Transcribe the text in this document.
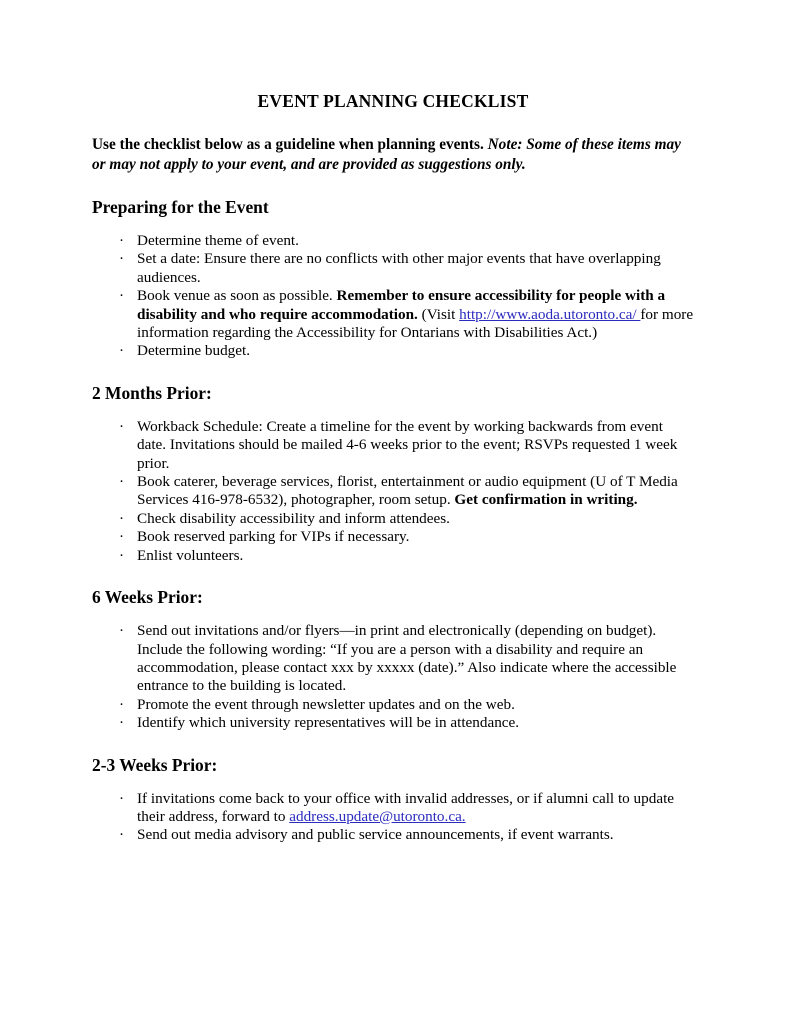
EVENT PLANNING CHECKLIST

Use the checklist below as a guideline when planning events. Note: Some of these items may or may not apply to your event, and are provided as suggestions only.

Preparing for the Event
· Determine theme of event.
· Set a date: Ensure there are no conflicts with other major events that have overlapping audiences.
· Book venue as soon as possible. Remember to ensure accessibility for people with a disability and who require accommodation. (Visit http://www.aoda.utoronto.ca/ for more information regarding the Accessibility for Ontarians with Disabilities Act.)
· Determine budget.
2 Months Prior:
· Workback Schedule: Create a timeline for the event by working backwards from event date. Invitations should be mailed 4-6 weeks prior to the event; RSVPs requested 1 week prior.
· Book caterer, beverage services, florist, entertainment or audio equipment (U of T Media Services 416-978-6532), photographer, room setup. Get confirmation in writing.
· Check disability accessibility and inform attendees.
· Book reserved parking for VIPs if necessary.
· Enlist volunteers.
6 Weeks Prior:
· Send out invitations and/or flyers—in print and electronically (depending on budget). Include the following wording: “If you are a person with a disability and require an accommodation, please contact xxx by xxxxx (date).” Also indicate where the accessible entrance to the building is located.
· Promote the event through newsletter updates and on the web.
· Identify which university representatives will be in attendance.
2-3 Weeks Prior:
· If invitations come back to your office with invalid addresses, or if alumni call to update their address, forward to address.update@utoronto.ca.
· Send out media advisory and public service announcements, if event warrants.
